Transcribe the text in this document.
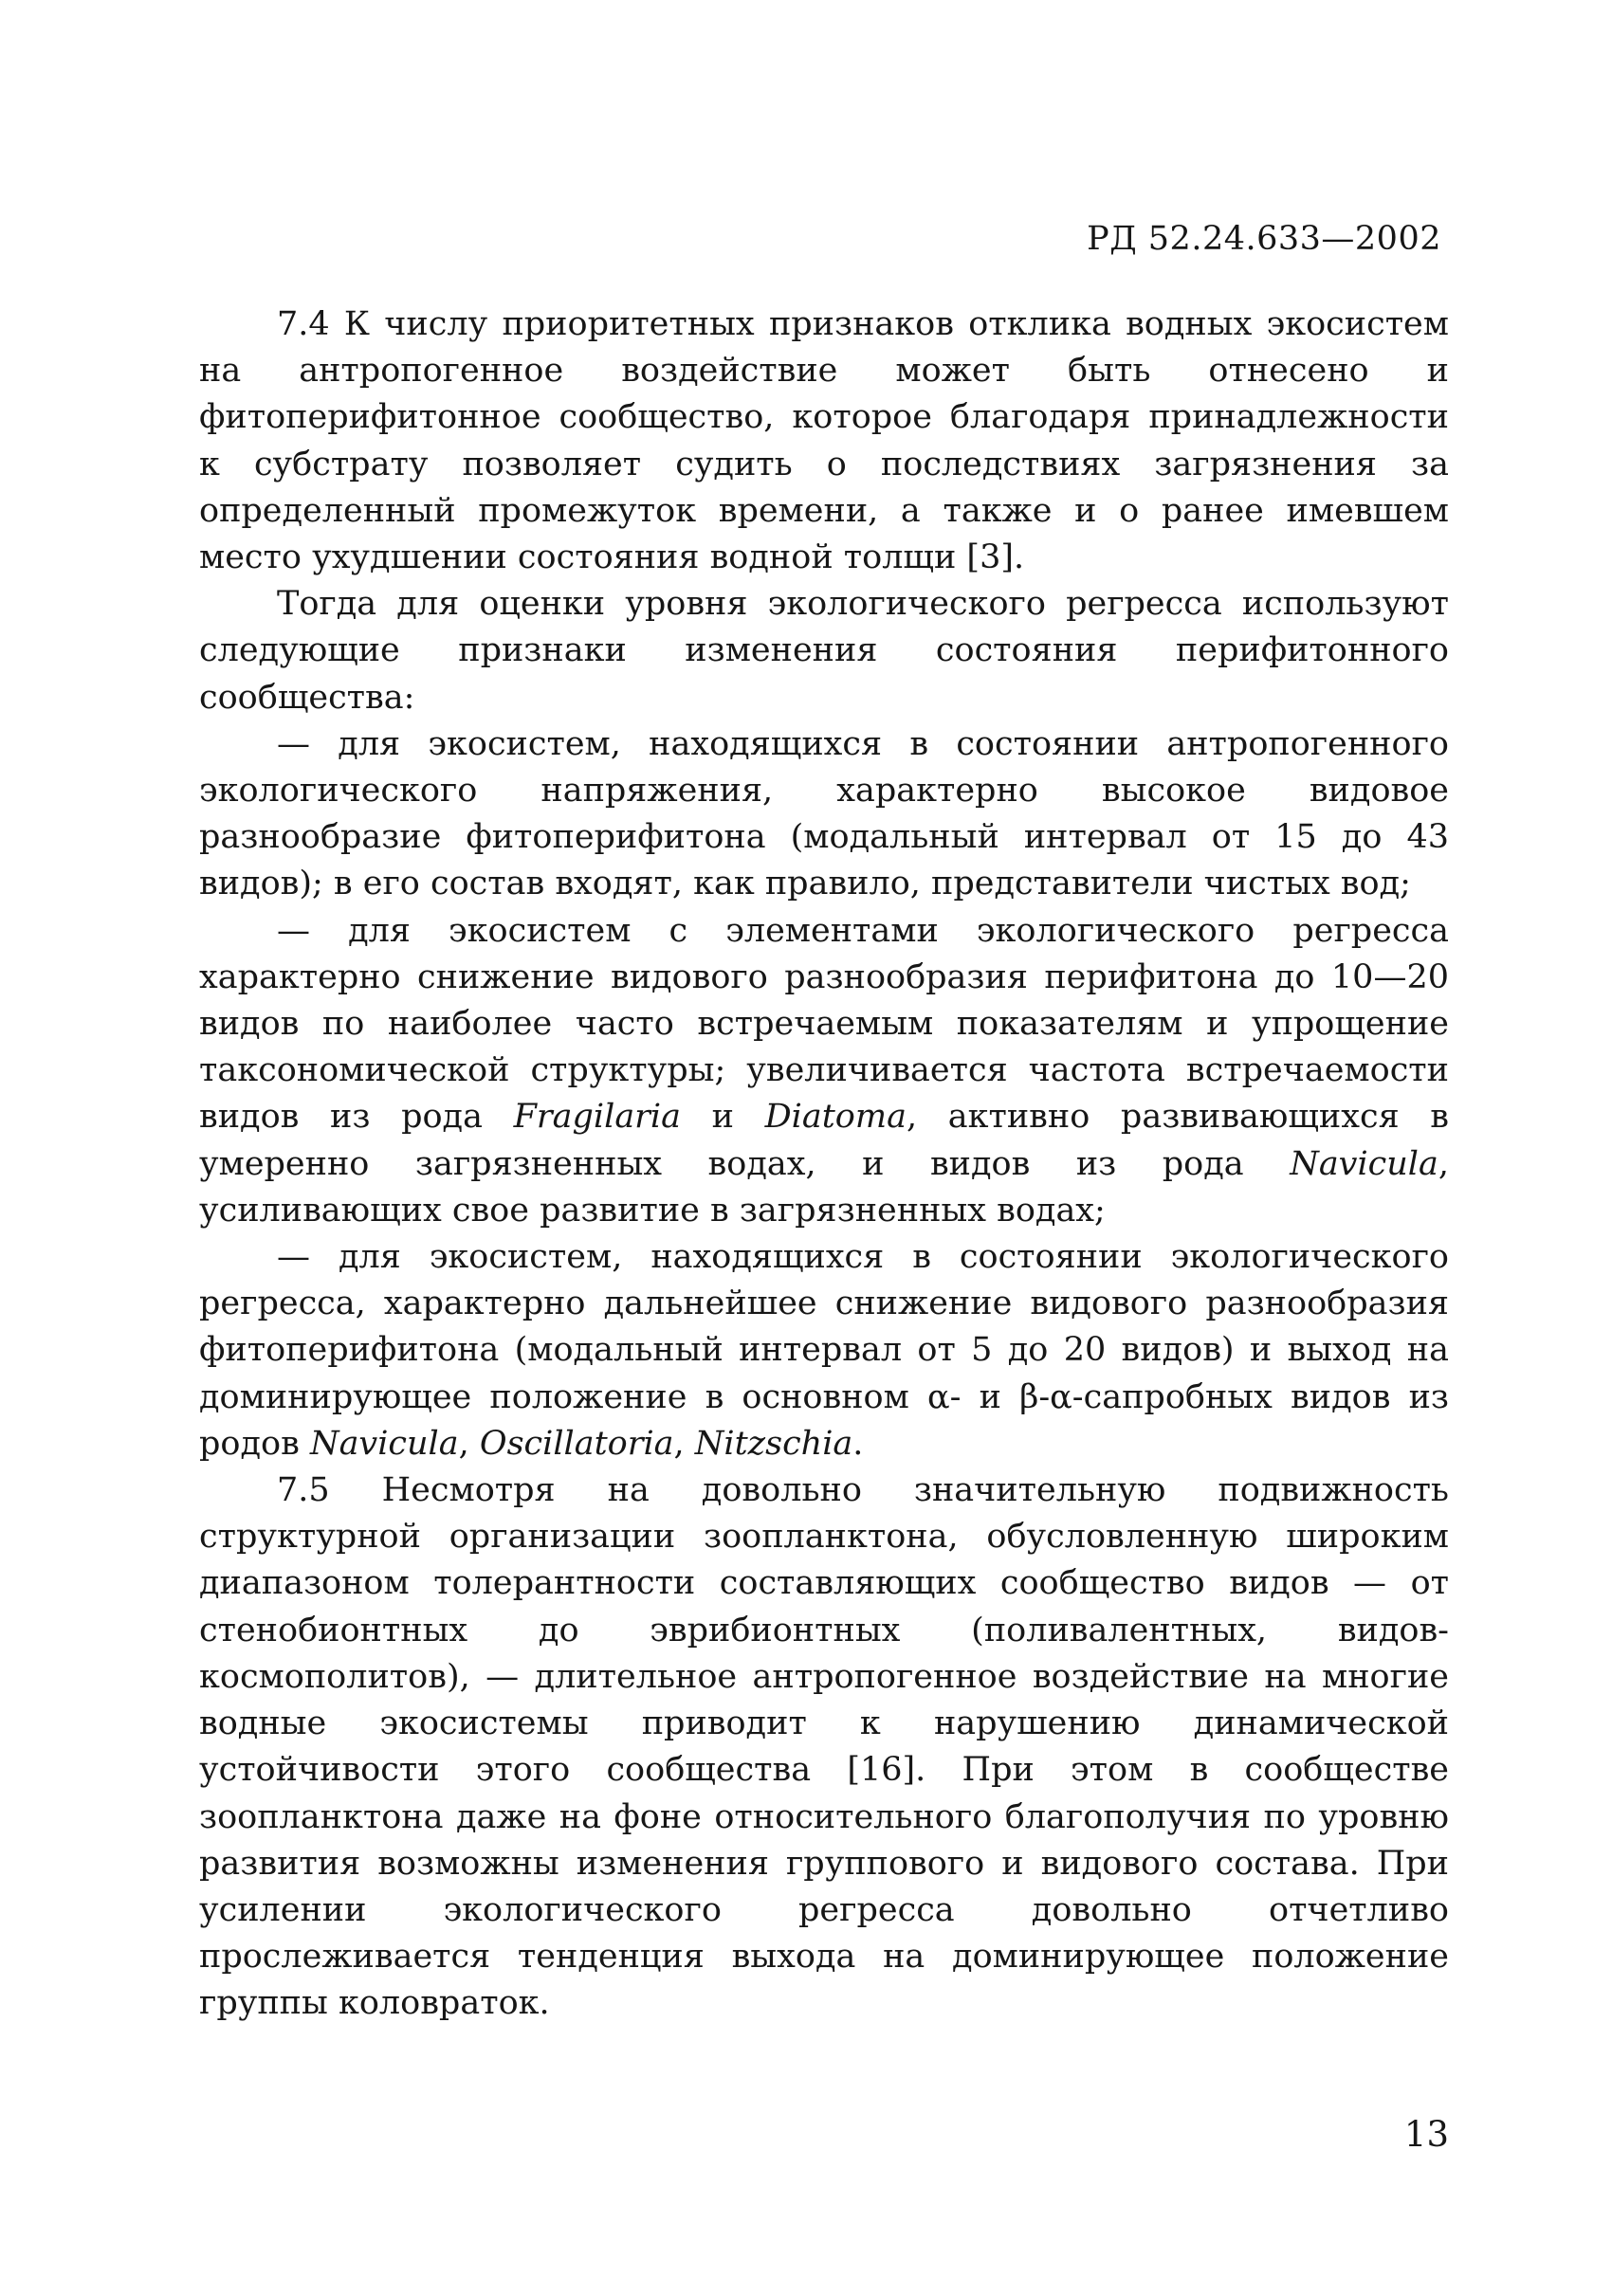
РД 52.24.633—2002

7.4 К числу приоритетных признаков отклика водных экосистем на антропогенное воздействие может быть отнесено и фитоперифитонное сообщество, которое благодаря принадлежности к субстрату позволяет судить о последствиях загрязнения за определенный промежуток времени, а также и о ранее имевшем место ухудшении состояния водной толщи [3].

Тогда для оценки уровня экологического регресса используют следующие признаки изменения состояния перифитонного сообщества:

— для экосистем, находящихся в состоянии антропогенного экологического напряжения, характерно высокое видовое разнообразие фитоперифитона (модальный интервал от 15 до 43 видов); в его состав входят, как правило, представители чистых вод;

— для экосистем с элементами экологического регресса характерно снижение видового разнообразия перифитона до 10—20 видов по наиболее часто встречаемым показателям и упрощение таксономической структуры; увеличивается частота встречаемости видов из рода Fragilaria и Diatoma, активно развивающихся в умеренно загрязненных водах, и видов из рода Navicula, усиливающих свое развитие в загрязненных водах;

— для экосистем, находящихся в состоянии экологического регресса, характерно дальнейшее снижение видового разнообразия фитоперифитона (модальный интервал от 5 до 20 видов) и выход на доминирующее положение в основном α- и β-α-сапробных видов из родов Navicula, Oscillatoria, Nitzschia.

7.5 Несмотря на довольно значительную подвижность структурной организации зоопланктона, обусловленную широким диапазоном толерантности составляющих сообщество видов — от стенобионтных до эврибионтных (поливалентных, видов-космополитов), — длительное антропогенное воздействие на многие водные экосистемы приводит к нарушению динамической устойчивости этого сообщества [16]. При этом в сообществе зоопланктона даже на фоне относительного благополучия по уровню развития возможны изменения группового и видового состава. При усилении экологического регресса довольно отчетливо прослеживается тенденция выхода на доминирующее положение группы коловраток.

13
